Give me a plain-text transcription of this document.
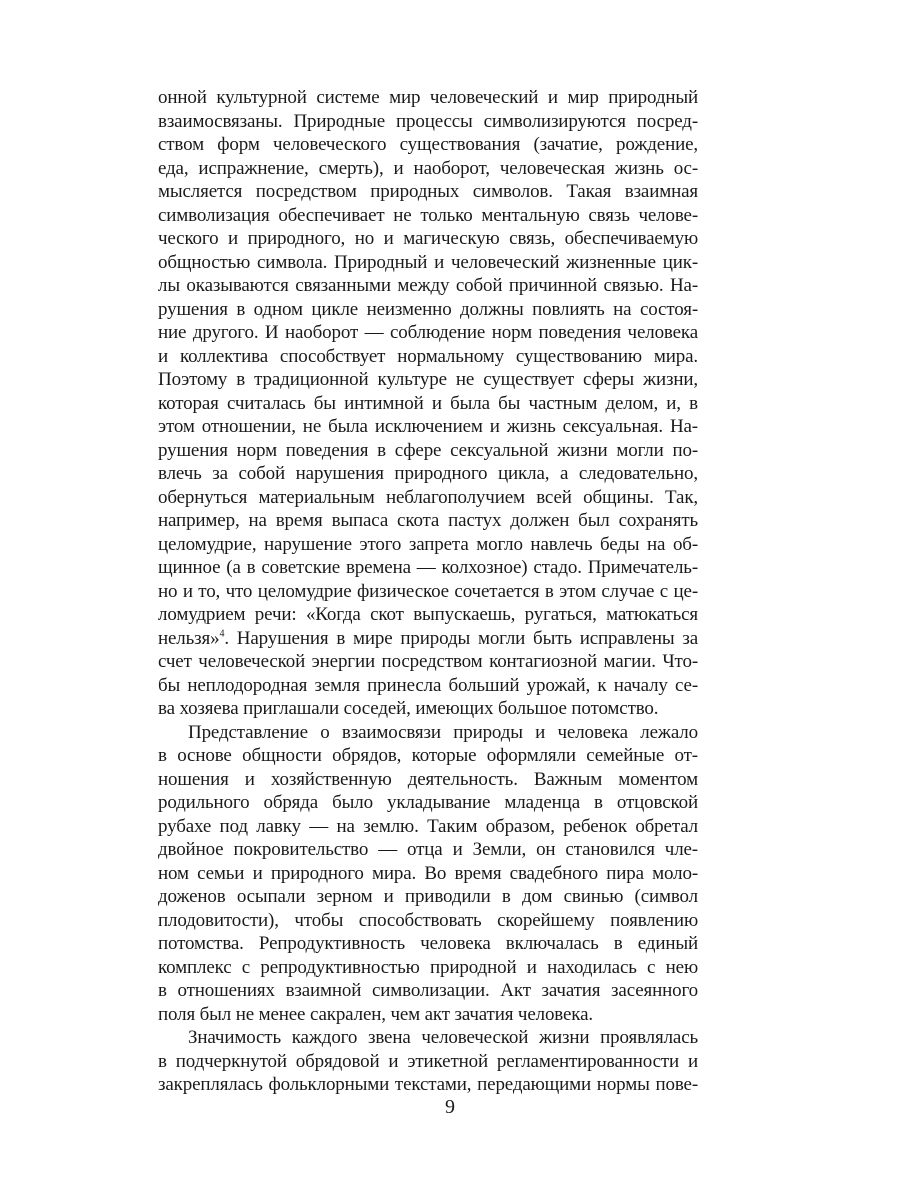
онной культурной системе мир человеческий и мир природный
взаимосвязаны. Природные процессы символизируются посред-
ством форм человеческого существования (зачатие, рождение,
еда, испражнение, смерть), и наоборот, человеческая жизнь ос-
мысляется посредством природных символов. Такая взаимная
символизация обеспечивает не только ментальную связь челове-
ческого и природного, но и магическую связь, обеспечиваемую
общностью символа. Природный и человеческий жизненные цик-
лы оказываются связанными между собой причинной связью. На-
рушения в одном цикле неизменно должны повлиять на состоя-
ние другого. И наоборот — соблюдение норм поведения человека
и коллектива способствует нормальному существованию мира.
Поэтому в традиционной культуре не существует сферы жизни,
которая считалась бы интимной и была бы частным делом, и, в
этом отношении, не была исключением и жизнь сексуальная. На-
рушения норм поведения в сфере сексуальной жизни могли по-
влечь за собой нарушения природного цикла, а следовательно,
обернуться материальным неблагополучием всей общины. Так,
например, на время выпаса скота пастух должен был сохранять
целомудрие, нарушение этого запрета могло навлечь беды на об-
щинное (а в советские времена — колхозное) стадо. Примечатель-
но и то, что целомудрие физическое сочетается в этом случае с це-
ломудрием речи: «Когда скот выпускаешь, ругаться, матюкаться
нельзя»$^4$. Нарушения в мире природы могли быть исправлены за
счет человеческой энергии посредством контагиозной магии. Что-
бы неплодородная земля принесла больший урожай, к началу се-
ва хозяева приглашали соседей, имеющих большое потомство.
Представление о взаимосвязи природы и человека лежало
в основе общности обрядов, которые оформляли семейные от-
ношения и хозяйственную деятельность. Важным моментом
родильного обряда было укладывание младенца в отцовской
рубахе под лавку — на землю. Таким образом, ребенок обретал
двойное покровительство — отца и Земли, он становился чле-
ном семьи и природного мира. Во время свадебного пира моло-
доженов осыпали зерном и приводили в дом свинью (символ
плодовитости), чтобы способствовать скорейшему появлению
потомства. Репродуктивность человека включалась в единый
комплекс с репродуктивностью природной и находилась с нею
в отношениях взаимной символизации. Акт зачатия засеянного
поля был не менее сакрален, чем акт зачатия человека.
Значимость каждого звена человеческой жизни проявлялась
в подчеркнутой обрядовой и этикетной регламентированности и
закреплялась фольклорными текстами, передающими нормы пове-
9
